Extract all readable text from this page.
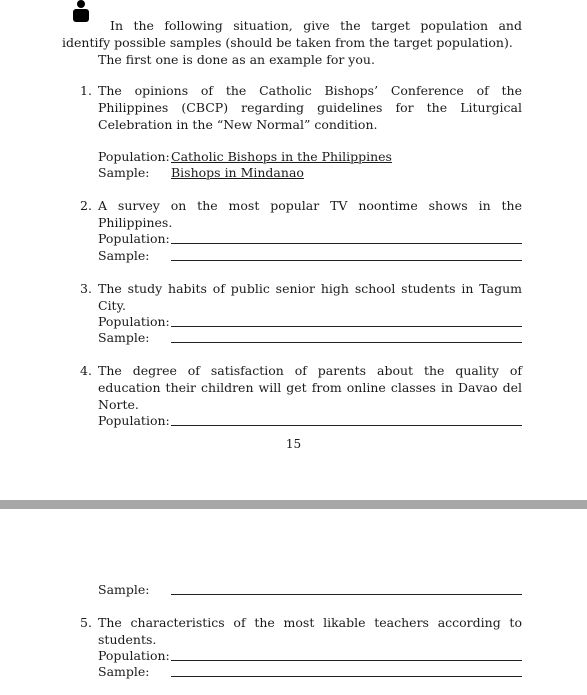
In the following situation, give the target population and identify possible samples (should be taken from the target population).

The first one is done as an example for you.

1. The opinions of the Catholic Bishops’ Conference of the Philippines (CBCP) regarding guidelines for the Liturgical Celebration in the “New Normal” condition.
Population: Catholic Bishops in the Philippines
Sample: Bishops in Mindanao
2. A survey on the most popular TV noontime shows in the Philippines.
Population:
Sample:
3. The study habits of public senior high school students in Tagum City.
Population:
Sample:
4. The degree of satisfaction of parents about the quality of education their children will get from online classes in Davao del Norte.
Population:
15
Sample:
5. The characteristics of the most likable teachers according to students.
Population:
Sample:
